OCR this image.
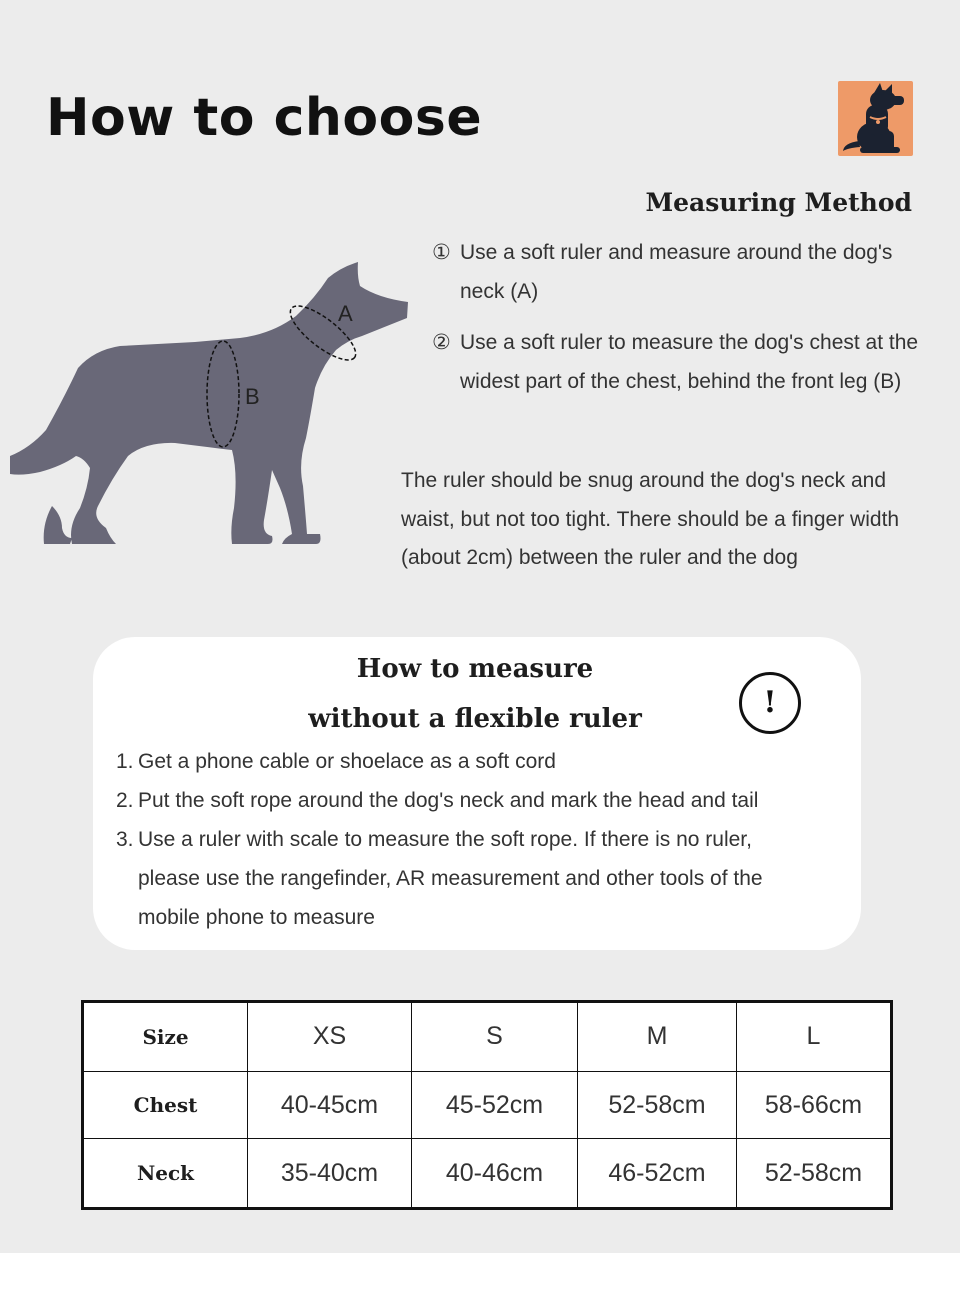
How to choose
A
B
Measuring Method
① Use a soft ruler and measure around the dog's neck (A)
② Use a soft ruler to measure the dog's chest at the widest part of the chest, behind the front leg (B)

The ruler should be snug around the dog's neck and waist, but not too tight. There should be a finger width (about 2cm) between the ruler and the dog

How to measure
without a flexible ruler	!
1. Get a phone cable or shoelace as a soft cord
2. Put the soft rope around the dog's neck and mark the head and tail
3. Use a ruler with scale to measure the soft rope. If there is no ruler, please use the rangefinder, AR measurement and other tools of the mobile phone to measure
Size	XS	S	M	L
Chest	40-45cm	45-52cm	52-58cm	58-66cm
Neck	35-40cm	40-46cm	46-52cm	52-58cm
